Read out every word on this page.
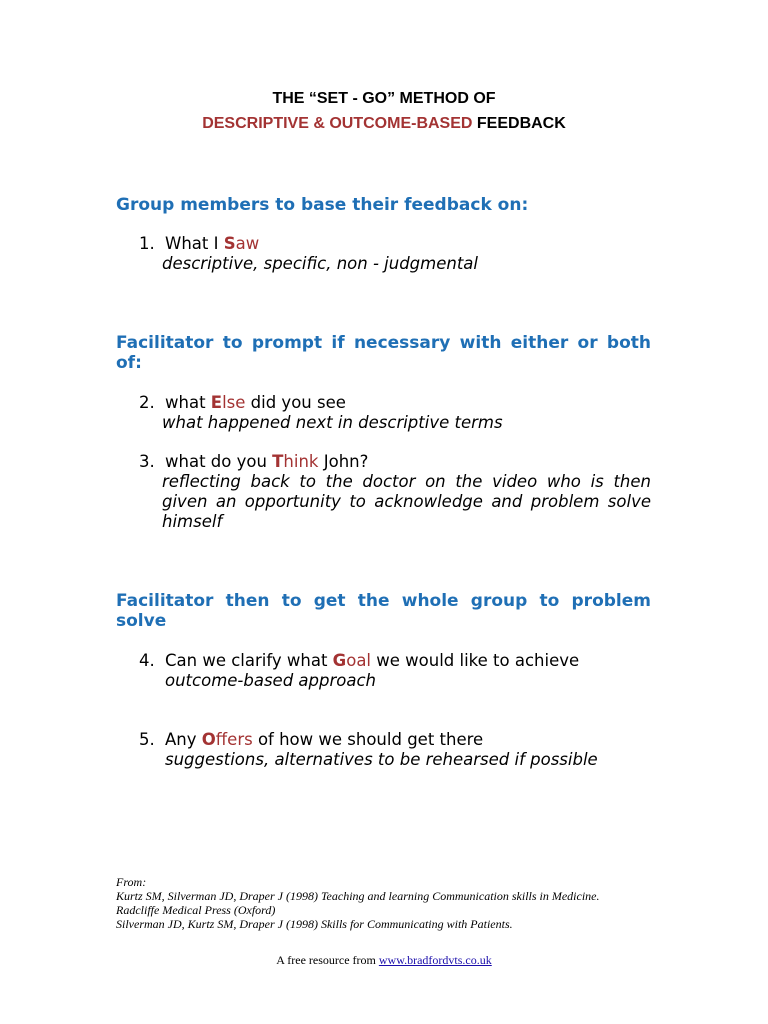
THE “SET - GO” METHOD OF
DESCRIPTIVE & OUTCOME-BASED FEEDBACK
Group members to base their feedback on:
1. What I Saw
descriptive, specific, non - judgmental
Facilitator to prompt if necessary with either or both of:
2. what Else did you see
what happened next in descriptive terms
3. what do you Think John?
reflecting back to the doctor on the video who is then given an opportunity to acknowledge and problem solve himself
Facilitator then to get the whole group to problem solve
4. Can we clarify what Goal we would like to achieve
outcome-based approach
5. Any Offers of how we should get there
suggestions, alternatives to be rehearsed if possible
From:
Kurtz SM, Silverman JD, Draper J (1998) Teaching and learning Communication skills in Medicine.
Radcliffe Medical Press (Oxford)
Silverman JD, Kurtz SM, Draper J (1998) Skills for Communicating with Patients.
A free resource from www.bradfordvts.co.uk
